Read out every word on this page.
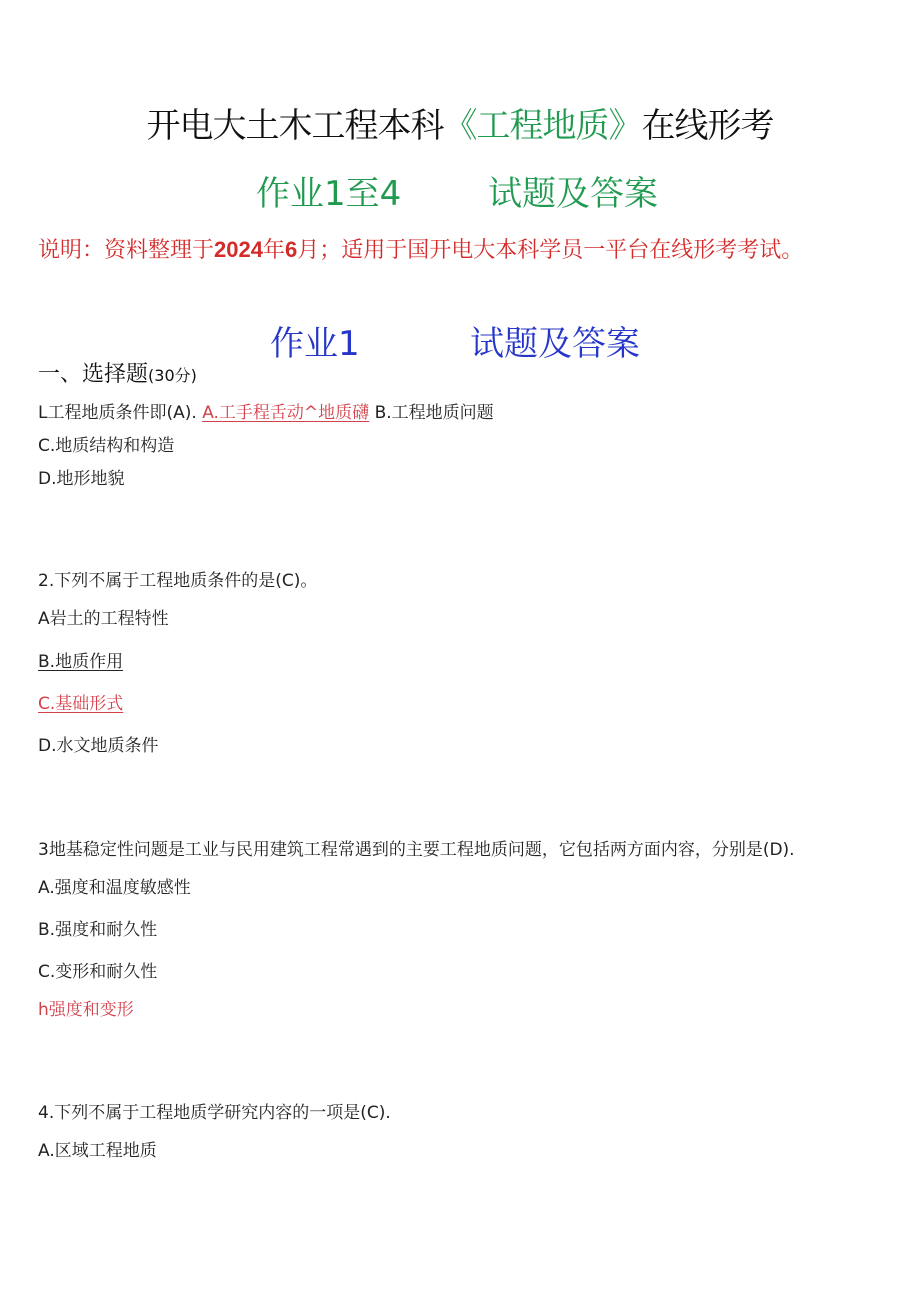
开电大土木工程本科《工程地质》在线形考
作业1至4	试题及答案
说明：资料整理于2024年6月；适用于国开电大本科学员一平台在线形考考试。
作业1	试题及答案
一、选择题(30分)
L工程地质条件即(A). A.工手程舌动^地质礴 B.工程地质问题
C.地质结构和构造
D.地形地貌
2.下列不属于工程地质条件的是(C)。
A岩土的工程特性
B.地质作用
C.基础形式
D.水文地质条件
3地基稳定性问题是工业与民用建筑工程常遇到的主要工程地质问题，它包括两方面内容，分别是(D).
A.强度和温度敏感性
B.强度和耐久性
C.变形和耐久性
h强度和变形
4.下列不属于工程地质学研究内容的一项是(C).
A.区域工程地质
